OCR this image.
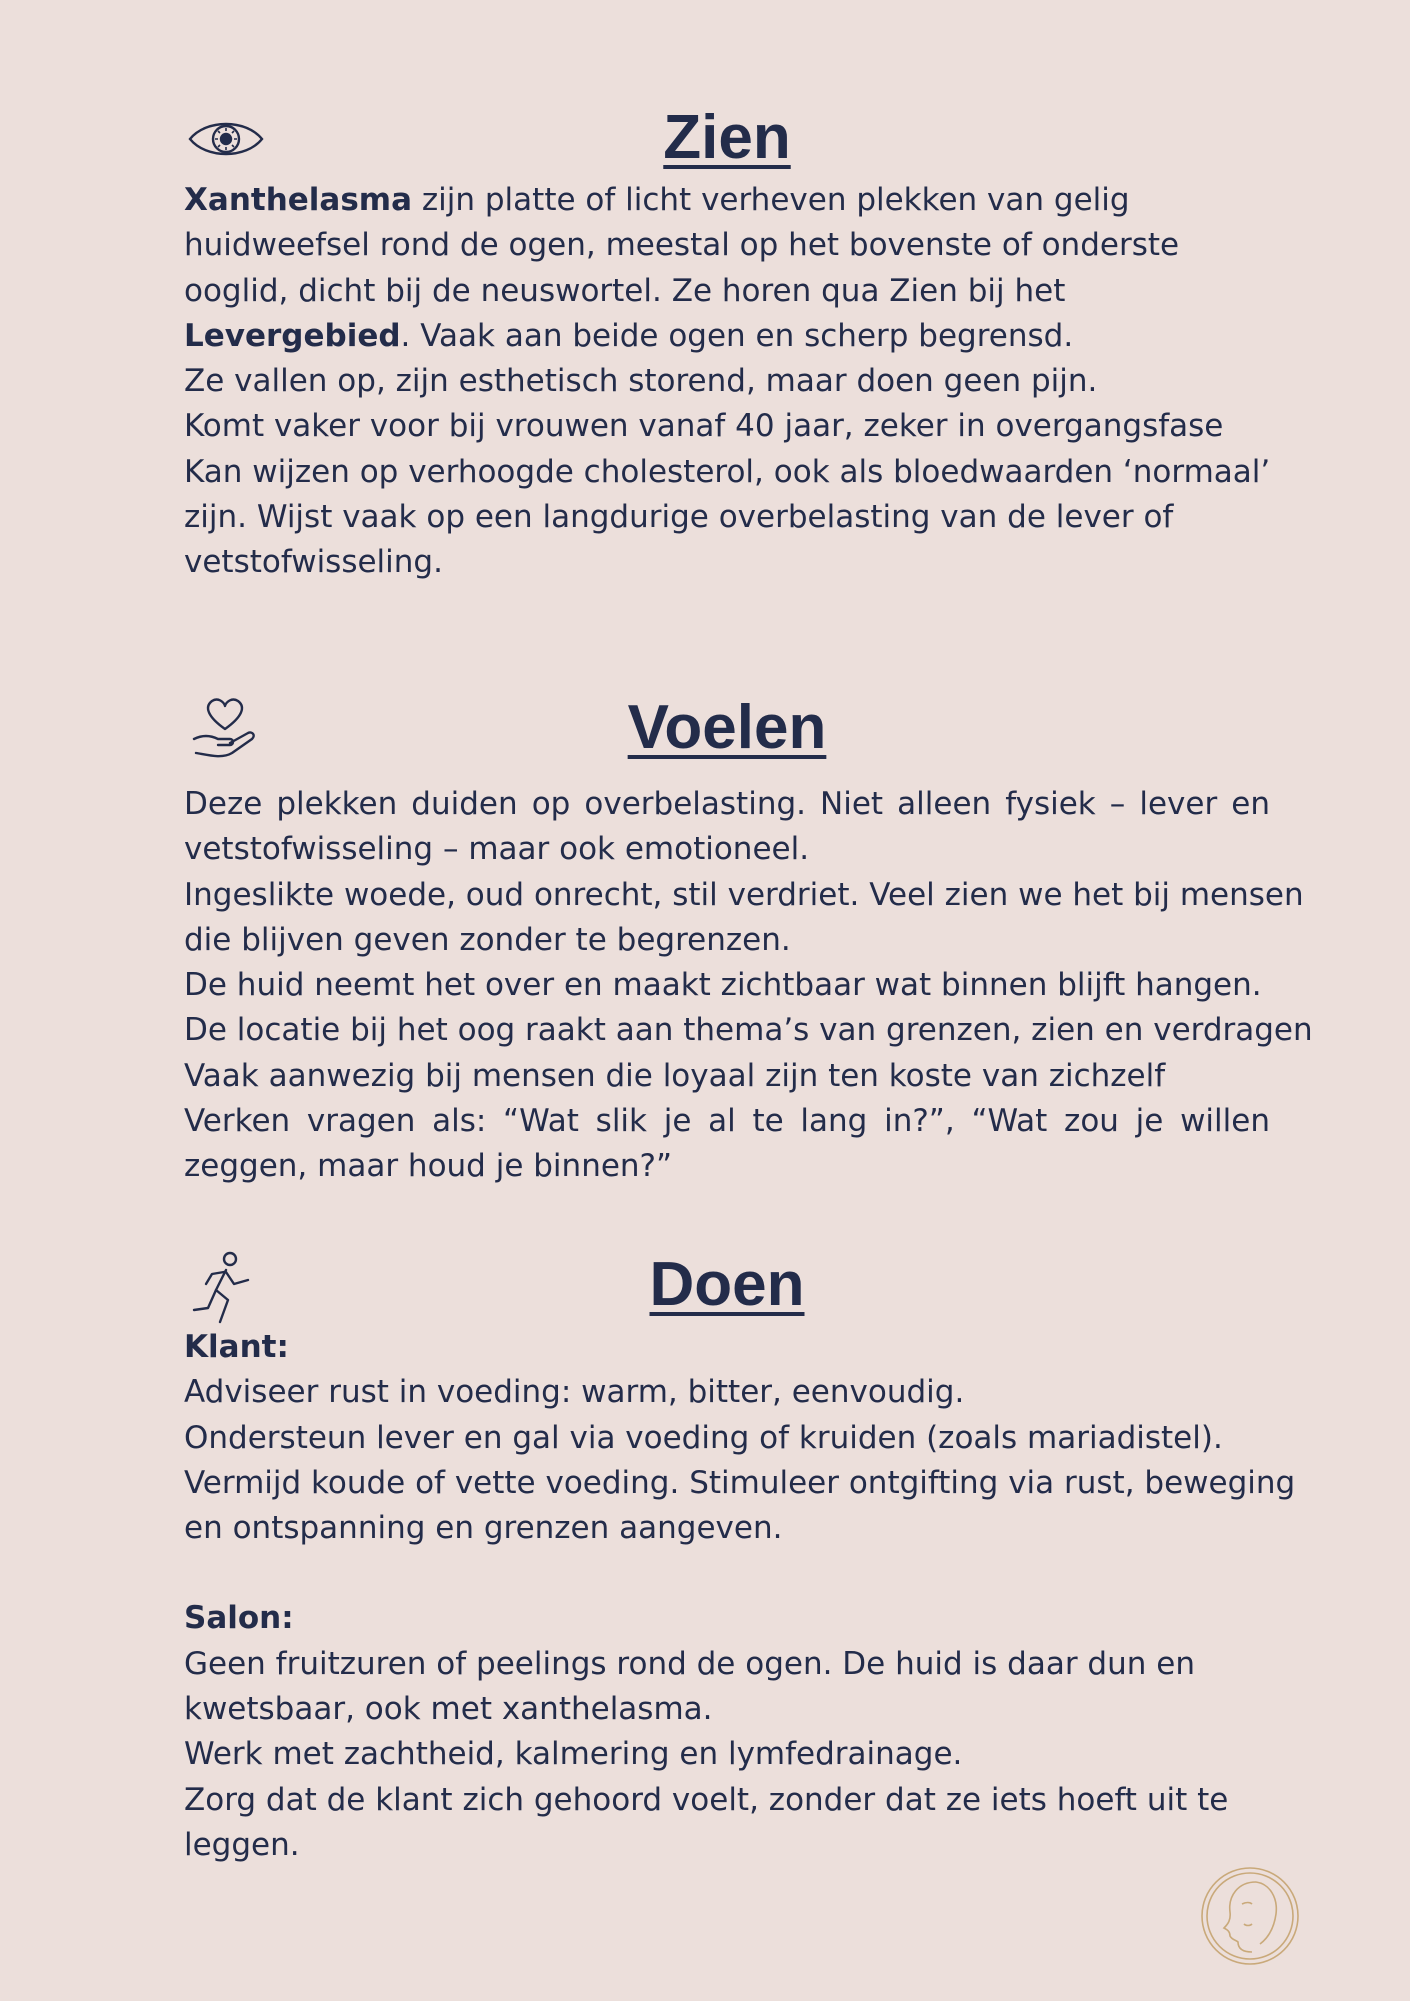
Zien
Xanthelasma zijn platte of licht verheven plekken van gelig
huidweefsel rond de ogen, meestal op het bovenste of onderste
ooglid, dicht bij de neuswortel. Ze horen qua Zien bij het
Levergebied. Vaak aan beide ogen en scherp begrensd.
Ze vallen op, zijn esthetisch storend, maar doen geen pijn.
Komt vaker voor bij vrouwen vanaf 40 jaar, zeker in overgangsfase
Kan wijzen op verhoogde cholesterol, ook als bloedwaarden ‘normaal’
zijn. Wijst vaak op een langdurige overbelasting van de lever of
vetstofwisseling.
Voelen
Deze plekken duiden op overbelasting. Niet alleen fysiek – lever en
vetstofwisseling – maar ook emotioneel.
Ingeslikte woede, oud onrecht, stil verdriet. Veel zien we het bij mensen
die blijven geven zonder te begrenzen.
De huid neemt het over en maakt zichtbaar wat binnen blijft hangen.
De locatie bij het oog raakt aan thema’s van grenzen, zien en verdragen
Vaak aanwezig bij mensen die loyaal zijn ten koste van zichzelf
Verken vragen als: “Wat slik je al te lang in?”, “Wat zou je willen
zeggen, maar houd je binnen?”
Doen
Klant:
Adviseer rust in voeding: warm, bitter, eenvoudig.
Ondersteun lever en gal via voeding of kruiden (zoals mariadistel).
Vermijd koude of vette voeding. Stimuleer ontgifting via rust, beweging
en ontspanning en grenzen aangeven.
Salon:
Geen fruitzuren of peelings rond de ogen. De huid is daar dun en
kwetsbaar, ook met xanthelasma.
Werk met zachtheid, kalmering en lymfedrainage.
Zorg dat de klant zich gehoord voelt, zonder dat ze iets hoeft uit te
leggen.
